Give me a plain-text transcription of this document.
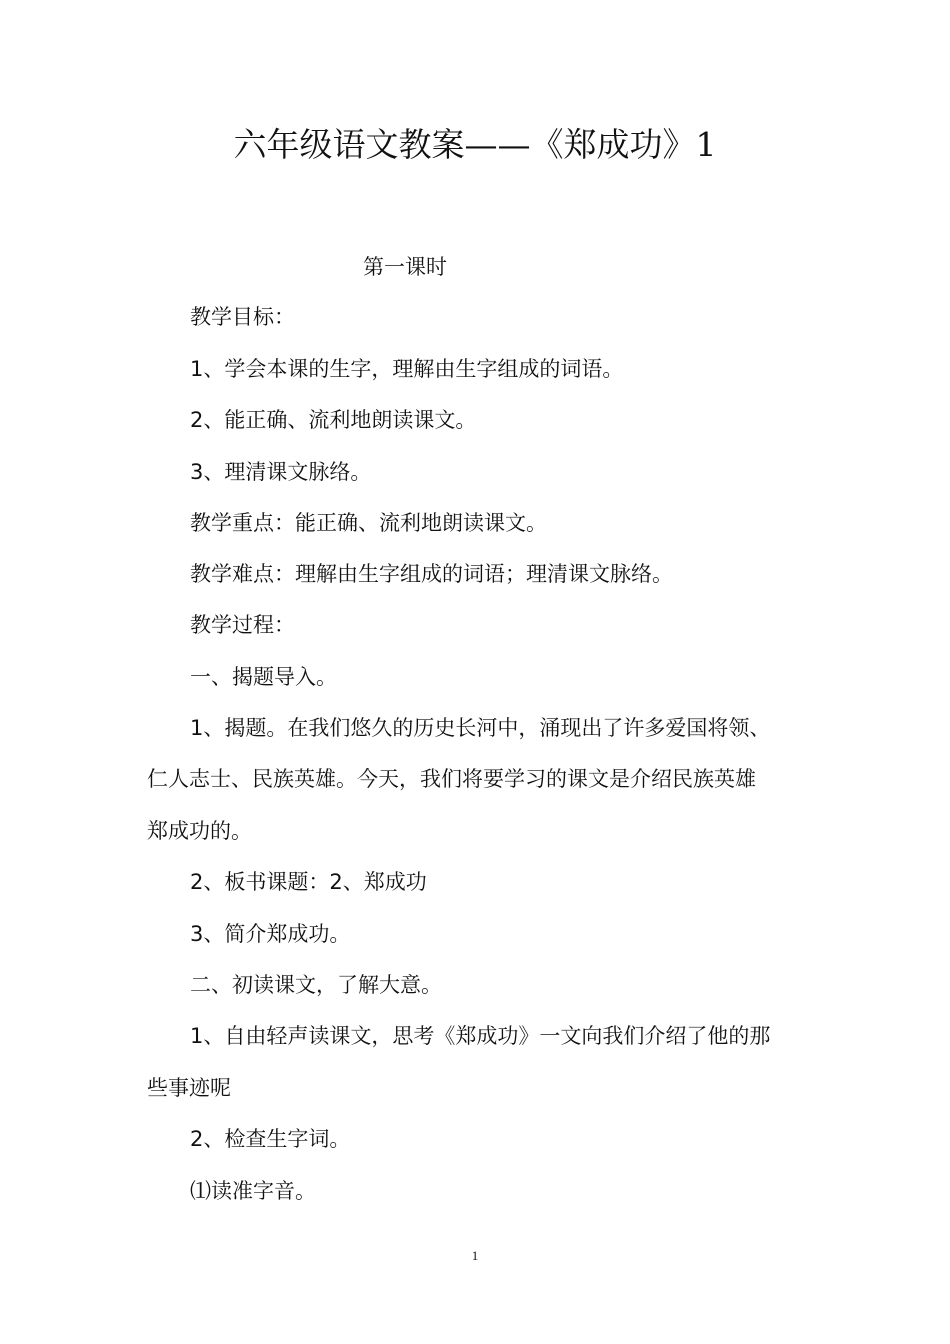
六年级语文教案——《郑成功》1
第一课时
教学目标：
1、学会本课的生字，理解由生字组成的词语。
2、能正确、流利地朗读课文。
3、理清课文脉络。
教学重点：能正确、流利地朗读课文。
教学难点：理解由生字组成的词语；理清课文脉络。
教学过程：
一、揭题导入。
1、揭题。在我们悠久的历史长河中，涌现出了许多爱国将领、
仁人志士、民族英雄。今天，我们将要学习的课文是介绍民族英雄
郑成功的。
2、板书课题：2、郑成功
3、简介郑成功。
二、初读课文，了解大意。
1、自由轻声读课文，思考《郑成功》一文向我们介绍了他的那
些事迹呢
2、检查生字词。
⑴读准字音。
1
